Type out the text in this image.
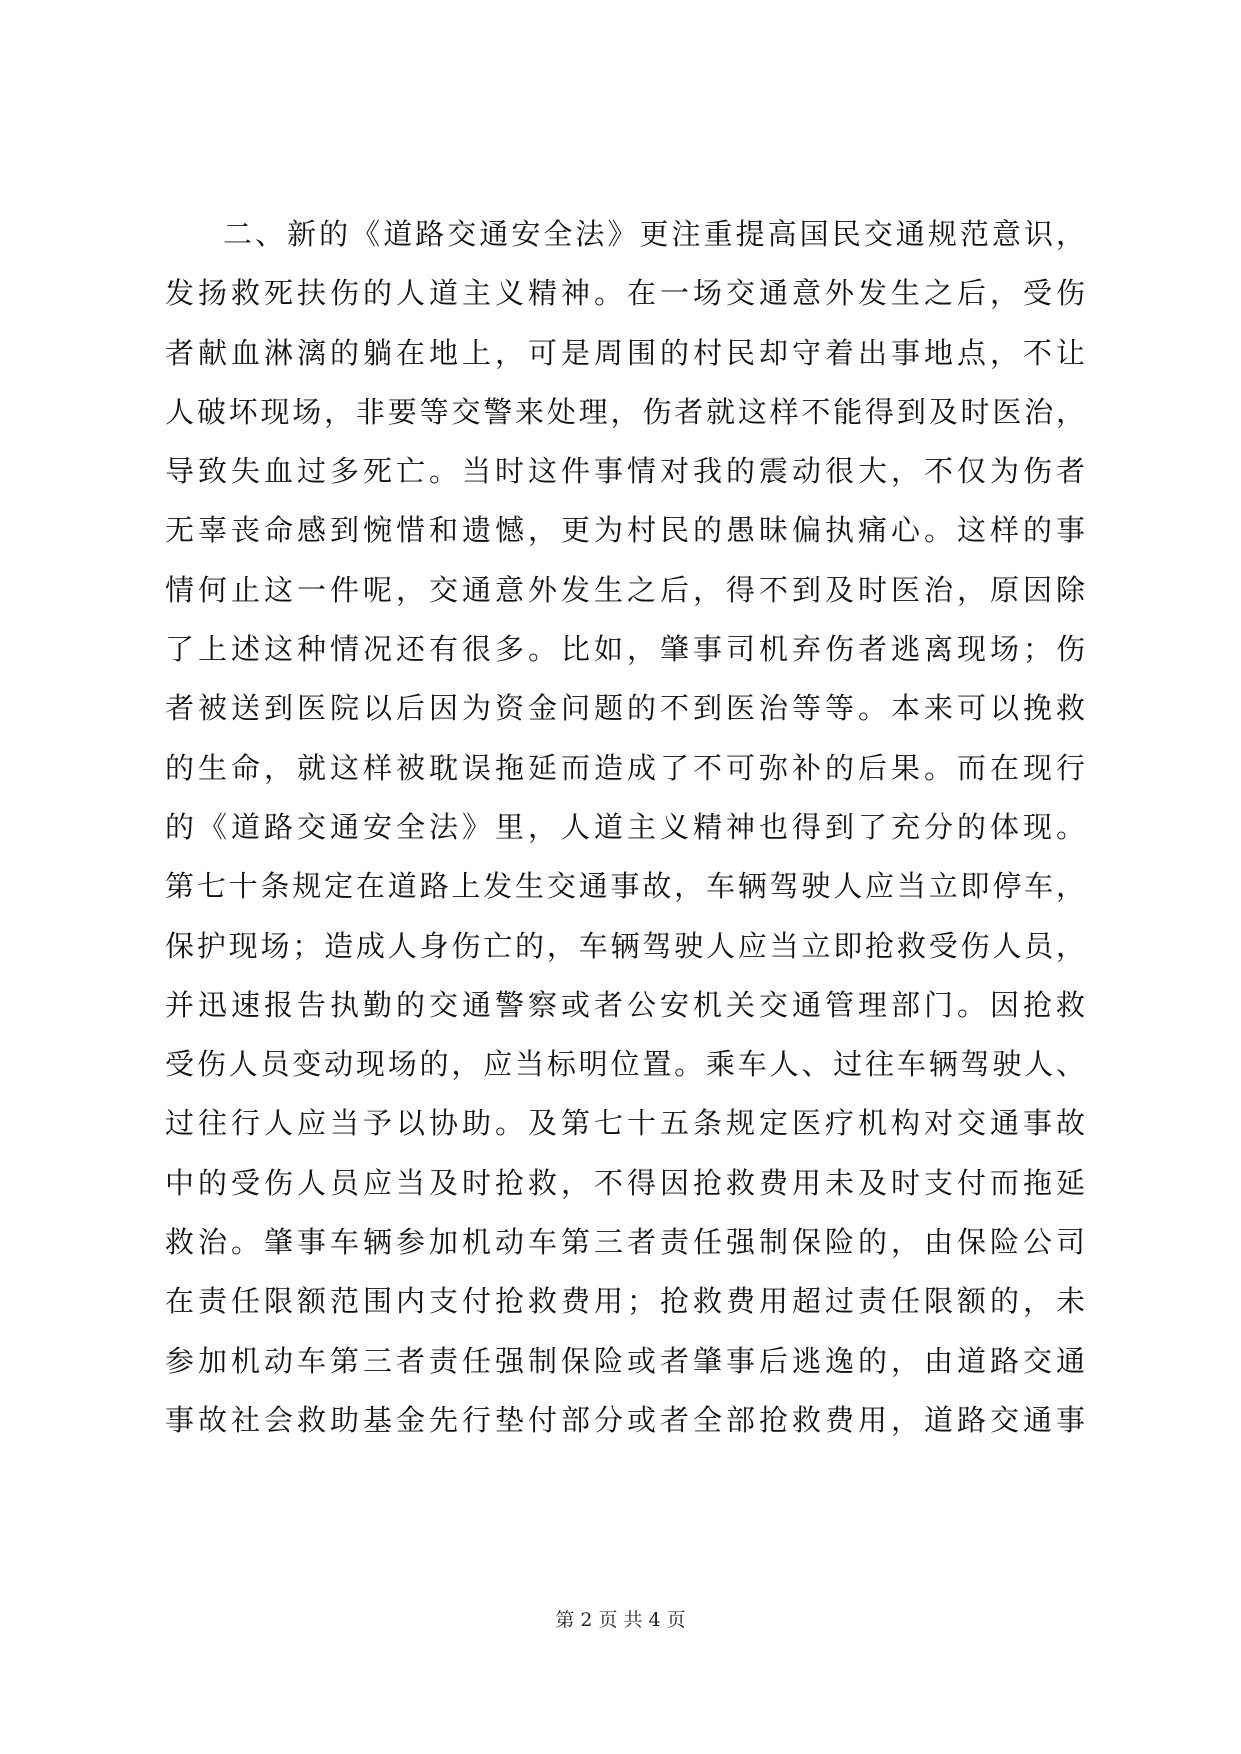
二、新的《道路交通安全法》更注重提高国民交通规范意识，
发扬救死扶伤的人道主义精神。在一场交通意外发生之后，受伤
者献血淋漓的躺在地上，可是周围的村民却守着出事地点，不让
人破坏现场，非要等交警来处理，伤者就这样不能得到及时医治，
导致失血过多死亡。当时这件事情对我的震动很大，不仅为伤者
无辜丧命感到惋惜和遗憾，更为村民的愚昧偏执痛心。这样的事
情何止这一件呢，交通意外发生之后，得不到及时医治，原因除
了上述这种情况还有很多。比如，肇事司机弃伤者逃离现场；伤
者被送到医院以后因为资金问题的不到医治等等。本来可以挽救
的生命，就这样被耽误拖延而造成了不可弥补的后果。而在现行
的《道路交通安全法》里，人道主义精神也得到了充分的体现。
第七十条规定在道路上发生交通事故，车辆驾驶人应当立即停车，
保护现场；造成人身伤亡的，车辆驾驶人应当立即抢救受伤人员，
并迅速报告执勤的交通警察或者公安机关交通管理部门。因抢救
受伤人员变动现场的，应当标明位置。乘车人、过往车辆驾驶人、
过往行人应当予以协助。及第七十五条规定医疗机构对交通事故
中的受伤人员应当及时抢救，不得因抢救费用未及时支付而拖延
救治。肇事车辆参加机动车第三者责任强制保险的，由保险公司
在责任限额范围内支付抢救费用；抢救费用超过责任限额的，未
参加机动车第三者责任强制保险或者肇事后逃逸的，由道路交通
事故社会救助基金先行垫付部分或者全部抢救费用，道路交通事
第 2 页 共 4 页
